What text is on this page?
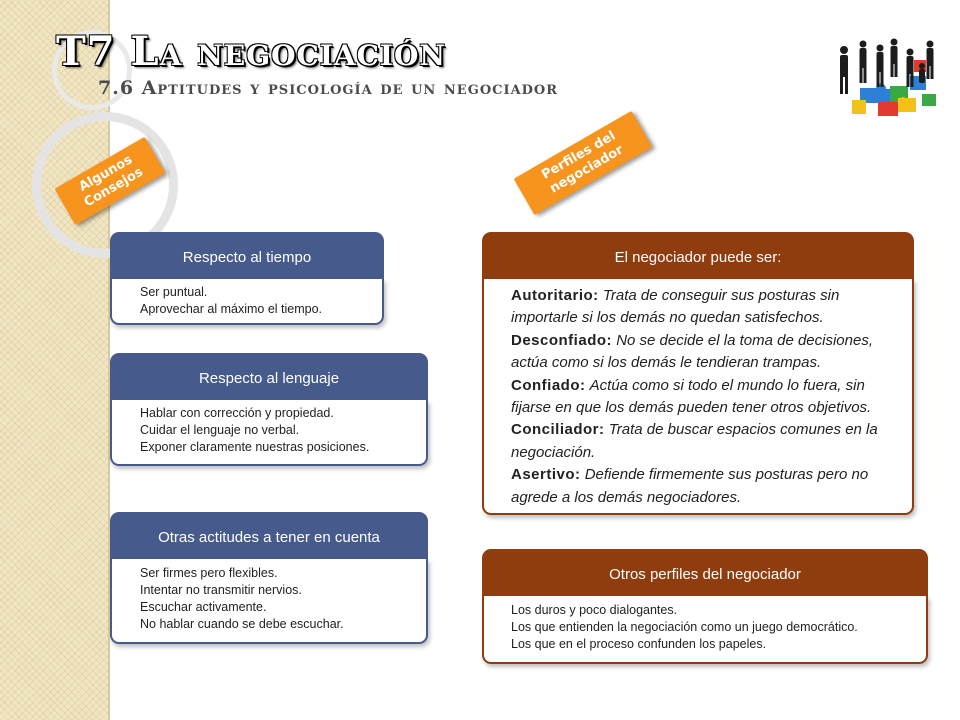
T7 La negociación
7.6 Aptitudes y psicología de un negociador
Algunos Consejos
Perfiles del negociador
Respecto al tiempo
Ser puntual.
Aprovechar al máximo el tiempo.
Respecto al lenguaje
Hablar con corrección y propiedad.
Cuidar el lenguaje no verbal.
Exponer claramente nuestras posiciones.
Otras actitudes a tener en cuenta
Ser firmes pero flexibles.
Intentar no transmitir nervios.
Escuchar activamente.
No hablar cuando se debe escuchar.
El negociador puede ser:

Autoritario: Trata de conseguir sus posturas sin importarle si los demás no quedan satisfechos.

Desconfiado: No se decide el la toma de decisiones, actúa como si los demás le tendieran trampas.

Confiado: Actúa como si todo el mundo lo fuera, sin fijarse en que los demás pueden tener otros objetivos.

Conciliador: Trata de buscar espacios comunes en la negociación.

Asertivo: Defiende firmemente sus posturas pero no agrede a los demás negociadores.

Otros perfiles del negociador
Los duros y poco dialogantes.
Los que entienden la negociación como un juego democrático.
Los que en el proceso confunden los papeles.
